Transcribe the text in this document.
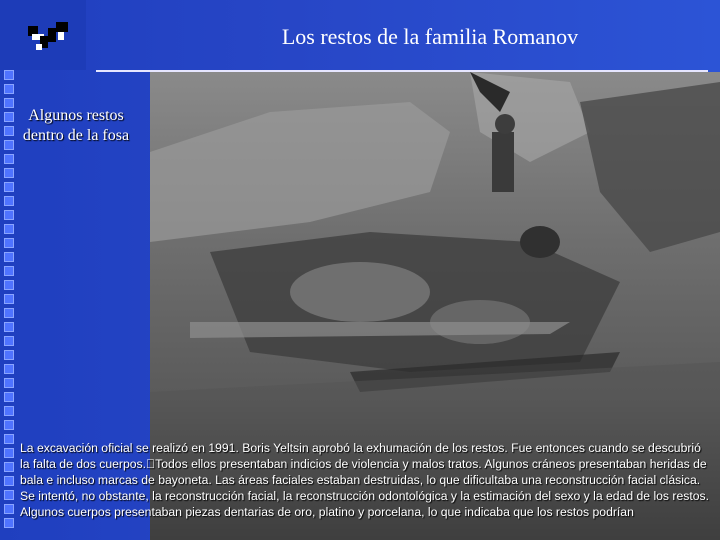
Los restos de la familia Romanov
Algunos restos dentro de la fosa
La excavación oficial se realizó en 1991. Boris Yeltsin aprobó la exhumación de los restos. Fue entonces cuando se descubrió la falta de dos cuerpos. Todos ellos presentaban indicios de violencia y malos tratos. Algunos cráneos presentaban heridas de bala e incluso marcas de bayoneta. Las áreas faciales estaban destruidas, lo que dificultaba una reconstrucción facial clásica. Se intentó, no obstante, la reconstrucción facial, la reconstrucción odontológica y la estimación del sexo y la edad de los restos. Algunos cuerpos presentaban piezas dentarias de oro, platino y porcelana, lo que indicaba que los restos podrían
